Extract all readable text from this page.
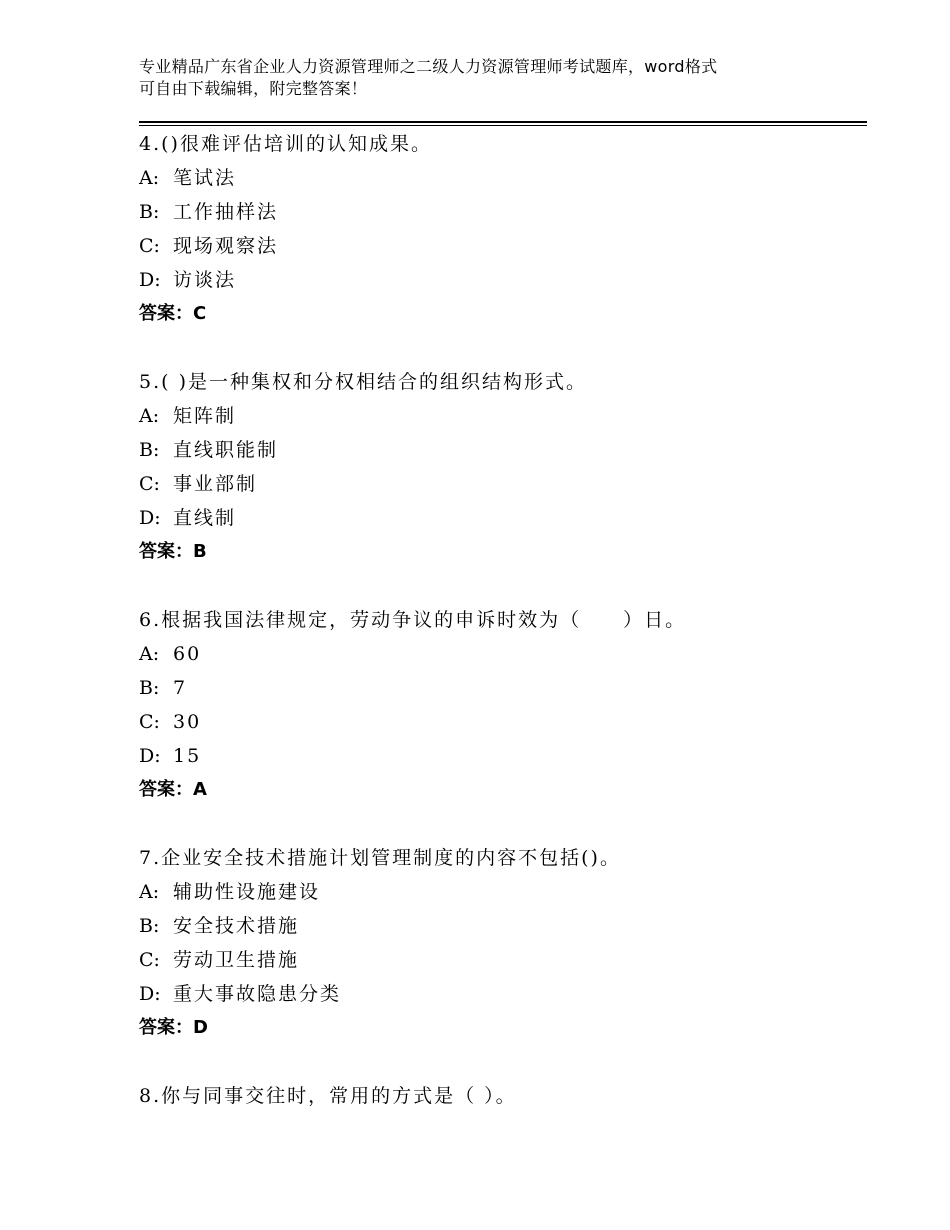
专业精品广东省企业人力资源管理师之二级人力资源管理师考试题库，word格式
可自由下载编辑，附完整答案！
4.()很难评估培训的认知成果。
A: 笔试法
B: 工作抽样法
C: 现场观察法
D: 访谈法
答案：C
5.( )是一种集权和分权相结合的组织结构形式。
A: 矩阵制
B: 直线职能制
C: 事业部制
D: 直线制
答案：B
6.根据我国法律规定，劳动争议的申诉时效为（　　）日。
A: 60
B: 7
C: 30
D: 15
答案：A
7.企业安全技术措施计划管理制度的内容不包括()。
A: 辅助性设施建设
B: 安全技术措施
C: 劳动卫生措施
D: 重大事故隐患分类
答案：D
8.你与同事交往时，常用的方式是（ ）。
